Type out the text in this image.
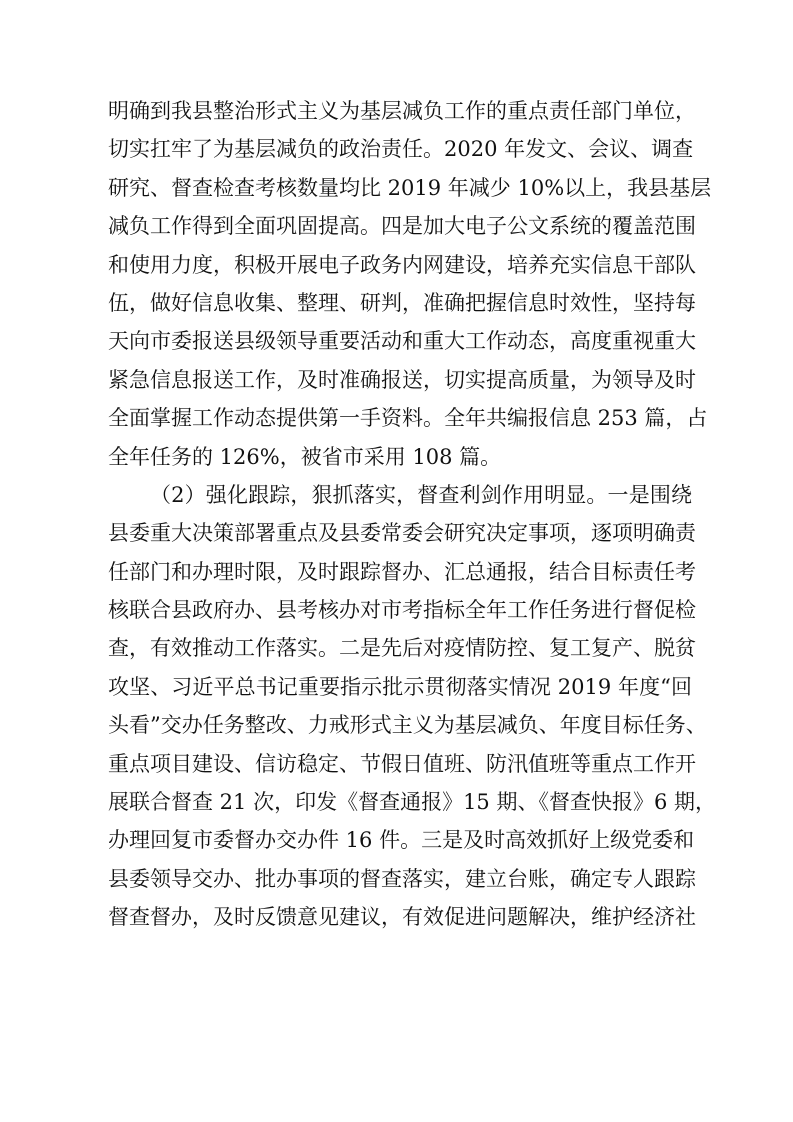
明确到我县整治形式主义为基层减负工作的重点责任部门单位，
切实扛牢了为基层减负的政治责任。2020 年发文、会议、调查
研究、督查检查考核数量均比 2019 年减少 10%以上，我县基层
减负工作得到全面巩固提高。四是加大电子公文系统的覆盖范围
和使用力度，积极开展电子政务内网建设，培养充实信息干部队
伍，做好信息收集、整理、研判，准确把握信息时效性，坚持每
天向市委报送县级领导重要活动和重大工作动态，高度重视重大
紧急信息报送工作，及时准确报送，切实提高质量，为领导及时
全面掌握工作动态提供第一手资料。全年共编报信息 253 篇，占
全年任务的 126%，被省市采用 108 篇。
（2）强化跟踪，狠抓落实，督查利剑作用明显。一是围绕
县委重大决策部署重点及县委常委会研究决定事项，逐项明确责
任部门和办理时限，及时跟踪督办、汇总通报，结合目标责任考
核联合县政府办、县考核办对市考指标全年工作任务进行督促检
查，有效推动工作落实。二是先后对疫情防控、复工复产、脱贫
攻坚、习近平总书记重要指示批示贯彻落实情况 2019 年度“回
头看”交办任务整改、力戒形式主义为基层减负、年度目标任务、
重点项目建设、信访稳定、节假日值班、防汛值班等重点工作开
展联合督查 21 次，印发《督查通报》15 期、《督查快报》6 期，
办理回复市委督办交办件 16 件。三是及时高效抓好上级党委和
县委领导交办、批办事项的督查落实，建立台账，确定专人跟踪
督查督办，及时反馈意见建议，有效促进问题解决，维护经济社
